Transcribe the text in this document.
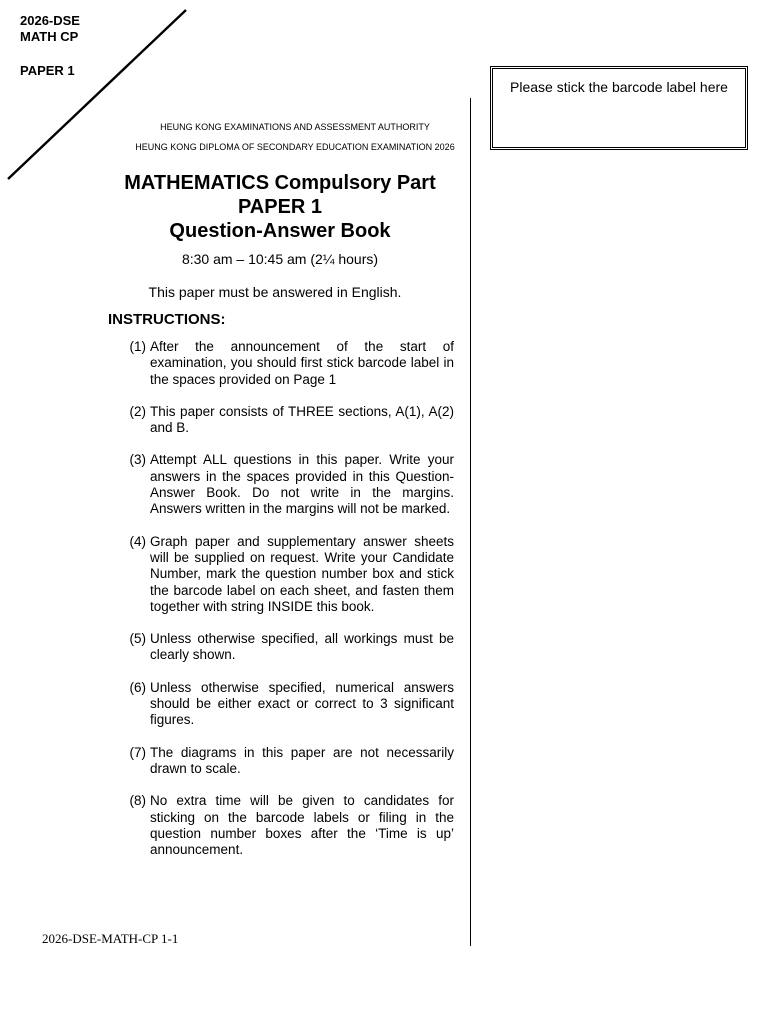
2026-DSE
MATH CP
PAPER 1
Please stick the barcode label here
HEUNG KONG EXAMINATIONS AND ASSESSMENT AUTHORITY
HEUNG KONG DIPLOMA OF SECONDARY EDUCATION EXAMINATION 2026
MATHEMATICS Compulsory Part
PAPER 1
Question-Answer Book
8:30 am – 10:45 am (2¼ hours)
This paper must be answered in English.
INSTRUCTIONS:
(1) After the announcement of the start of examination, you should first stick barcode label in the spaces provided on Page 1
(2) This paper consists of THREE sections, A(1), A(2) and B.
(3) Attempt ALL questions in this paper. Write your answers in the spaces provided in this Question-Answer Book. Do not write in the margins. Answers written in the margins will not be marked.
(4) Graph paper and supplementary answer sheets will be supplied on request. Write your Candidate Number, mark the question number box and stick the barcode label on each sheet, and fasten them together with string INSIDE this book.
(5) Unless otherwise specified, all workings must be clearly shown.
(6) Unless otherwise specified, numerical answers should be either exact or correct to 3 significant figures.
(7) The diagrams in this paper are not necessarily drawn to scale.
(8) No extra time will be given to candidates for sticking on the barcode labels or filing in the question number boxes after the ‘Time is up’ announcement.
2026-DSE-MATH-CP 1-1
